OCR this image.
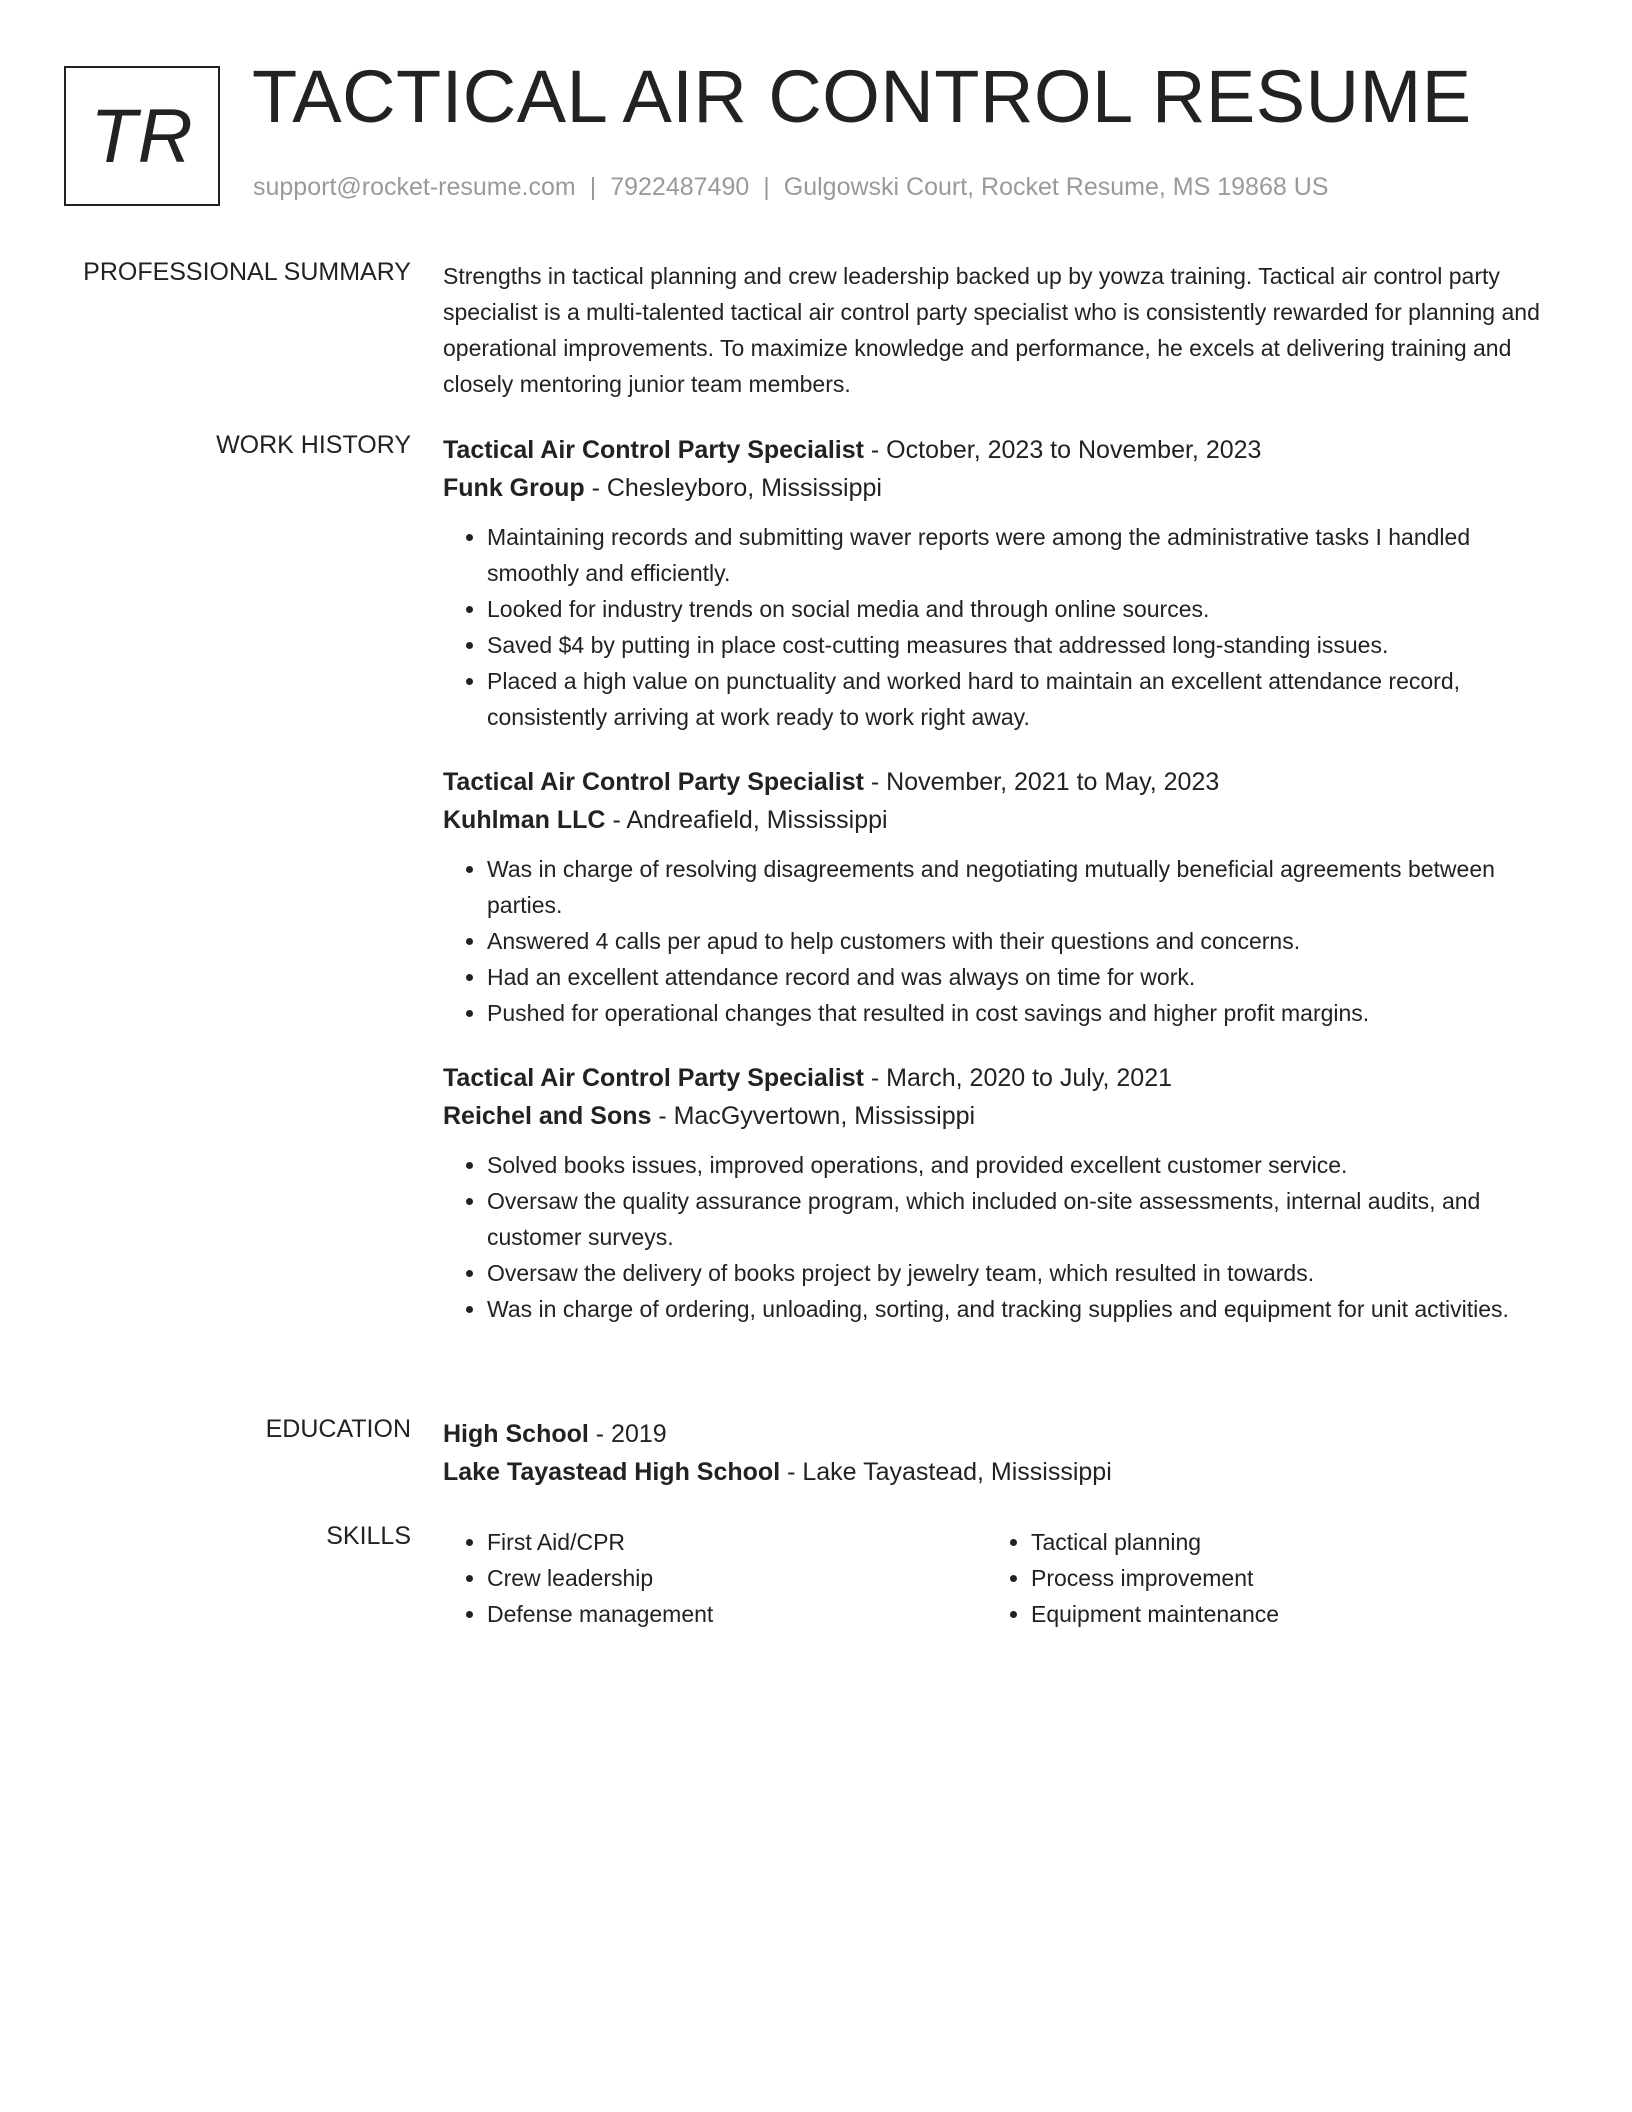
TR TACTICAL AIR CONTROL RESUME
support@rocket-resume.com | 7922487490 | Gulgowski Court, Rocket Resume, MS 19868 US
PROFESSIONAL SUMMARY Strengths in tactical planning and crew leadership backed up by yowza training. Tactical air control party specialist is a multi-talented tactical air control party specialist who is consistently rewarded for planning and operational improvements. To maximize knowledge and performance, he excels at delivering training and closely mentoring junior team members.

WORK HISTORY Tactical Air Control Party Specialist - October, 2023 to November, 2023
Funk Group - Chesleyboro, Mississippi
• Maintaining records and submitting waver reports were among the administrative tasks I handled smoothly and efficiently.
• Looked for industry trends on social media and through online sources.
• Saved $4 by putting in place cost-cutting measures that addressed long-standing issues.
• Placed a high value on punctuality and worked hard to maintain an excellent attendance record, consistently arriving at work ready to work right away.
Tactical Air Control Party Specialist - November, 2021 to May, 2023
Kuhlman LLC - Andreafield, Mississippi
• Was in charge of resolving disagreements and negotiating mutually beneficial agreements between parties.
• Answered 4 calls per apud to help customers with their questions and concerns.
• Had an excellent attendance record and was always on time for work.
• Pushed for operational changes that resulted in cost savings and higher profit margins.
Tactical Air Control Party Specialist - March, 2020 to July, 2021
Reichel and Sons - MacGyvertown, Mississippi
• Solved books issues, improved operations, and provided excellent customer service.
• Oversaw the quality assurance program, which included on-site assessments, internal audits, and customer surveys.
• Oversaw the delivery of books project by jewelry team, which resulted in towards.
• Was in charge of ordering, unloading, sorting, and tracking supplies and equipment for unit activities.
EDUCATION High School - 2019
Lake Tayastead High School - Lake Tayastead, Mississippi
SKILLS
•	First Aid/CPR
• Crew leadership
• Defense management
• Tactical planning
• Process improvement
• Equipment maintenance
